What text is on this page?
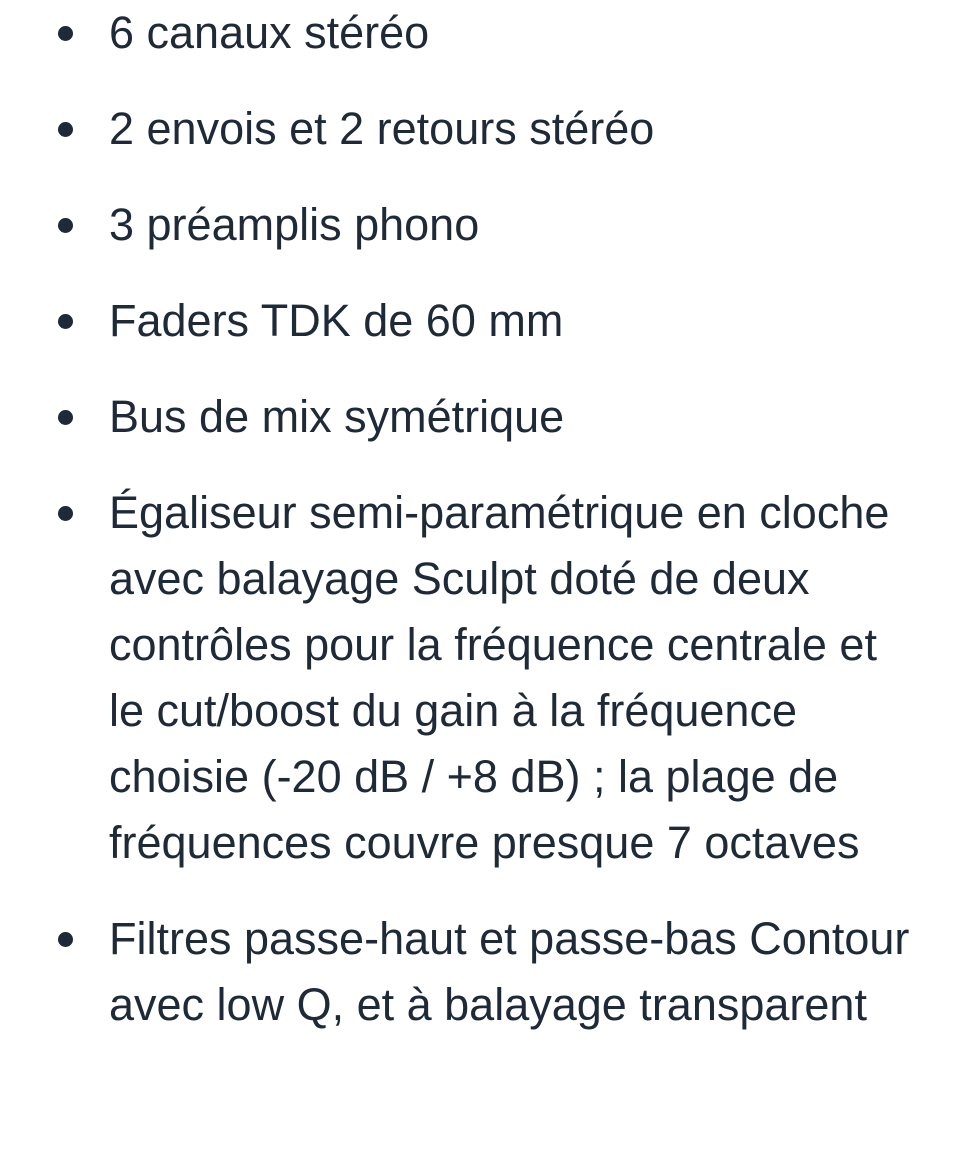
6 canaux stéréo
2 envois et 2 retours stéréo
3 préamplis phono
Faders TDK de 60 mm
Bus de mix symétrique
Égaliseur semi-paramétrique en cloche avec balayage Sculpt doté de deux contrôles pour la fréquence centrale et le cut/boost du gain à la fréquence choisie (-20 dB / +8 dB) ; la plage de fréquences couvre presque 7 octaves
Filtres passe-haut et passe-bas Contour avec low Q, et à balayage transparent
